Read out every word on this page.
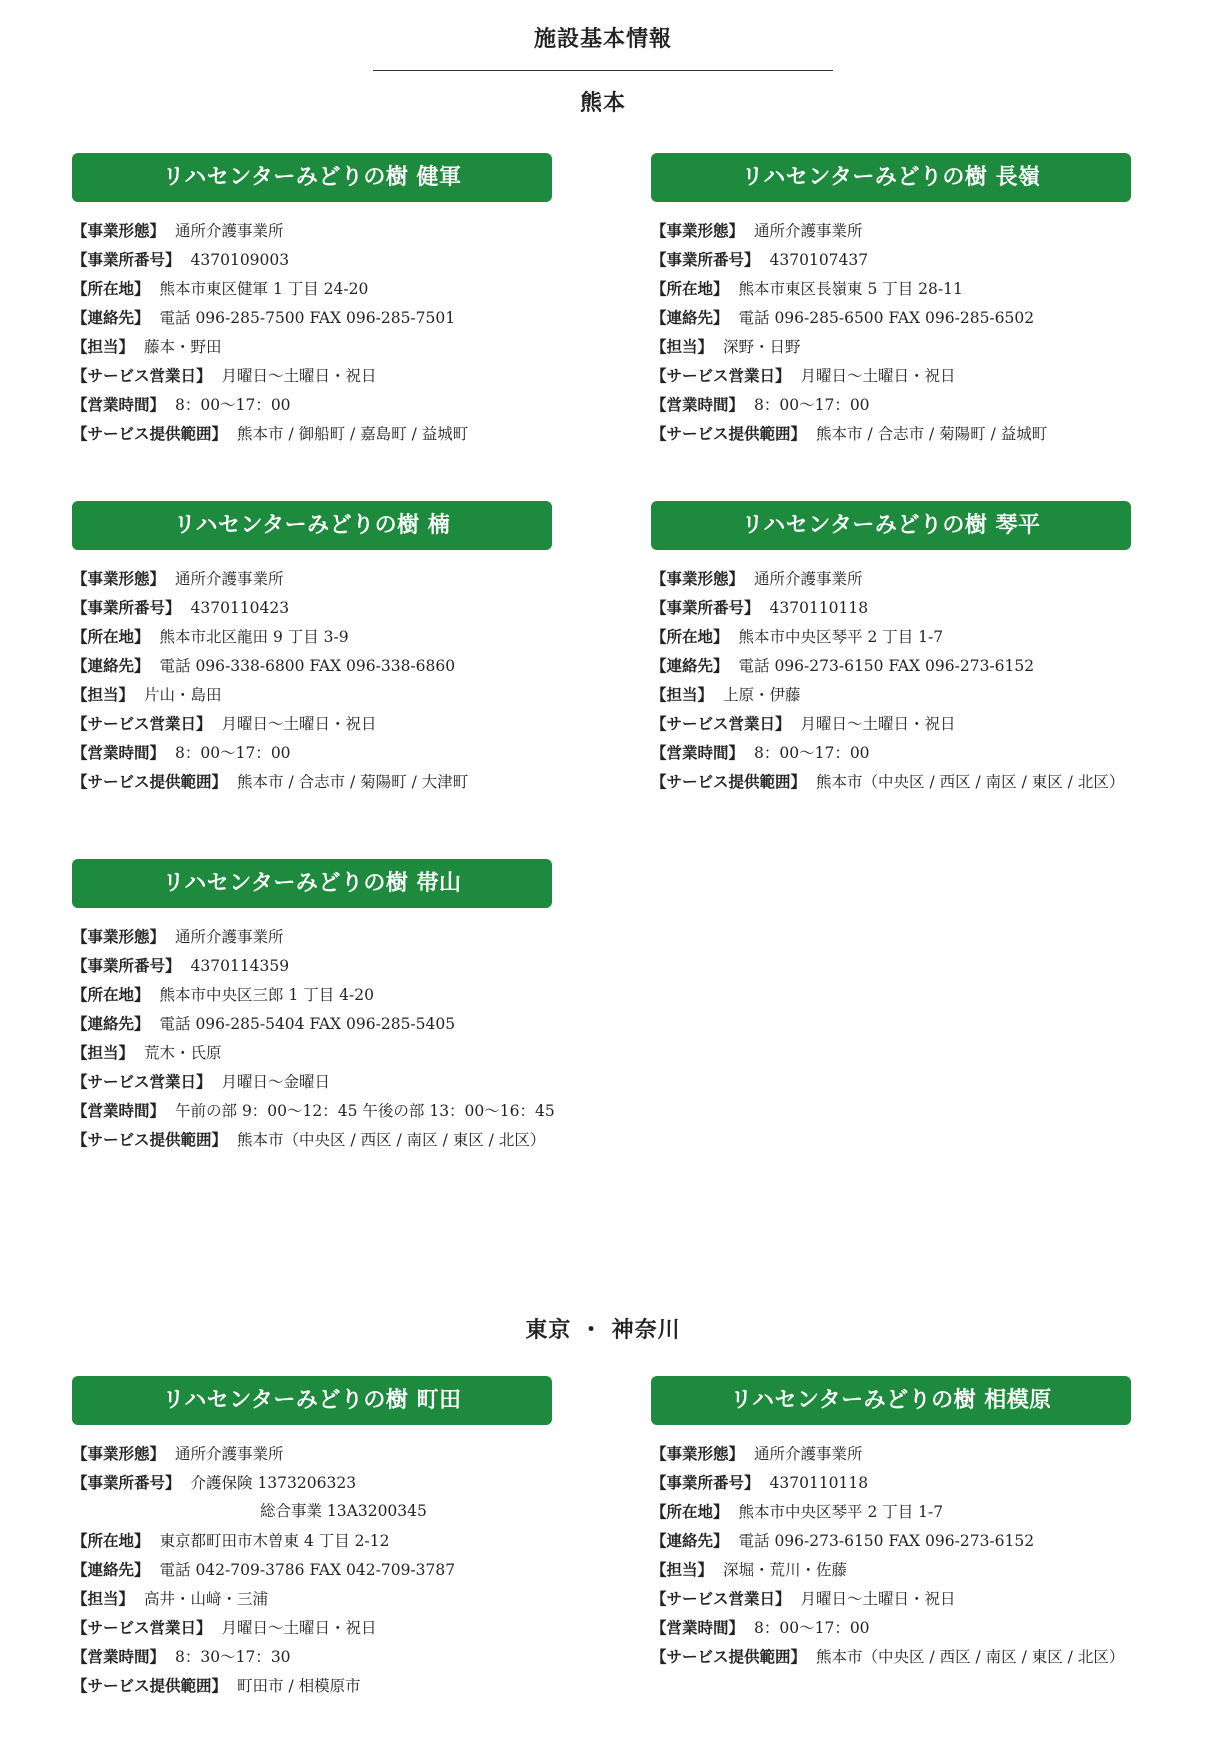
施設基本情報
熊本
リハセンターみどりの樹 健軍
【事業形態】 通所介護事業所
【事業所番号】 4370109003
【所在地】 熊本市東区健軍 1 丁目 24-20
【連絡先】 電話 096-285-7500 FAX 096-285-7501
【担当】 藤本・野田
【サービス営業日】 月曜日～土曜日・祝日
【営業時間】 8：00～17：00
【サービス提供範囲】 熊本市 / 御船町 / 嘉島町 / 益城町
リハセンターみどりの樹 長嶺
【事業形態】 通所介護事業所
【事業所番号】 4370107437
【所在地】 熊本市東区長嶺東 5 丁目 28-11
【連絡先】 電話 096-285-6500 FAX 096-285-6502
【担当】 深野・日野
【サービス営業日】 月曜日～土曜日・祝日
【営業時間】 8：00～17：00
【サービス提供範囲】 熊本市 / 合志市 / 菊陽町 / 益城町
リハセンターみどりの樹 楠
【事業形態】 通所介護事業所
【事業所番号】 4370110423
【所在地】 熊本市北区龍田 9 丁目 3-9
【連絡先】 電話 096-338-6800 FAX 096-338-6860
【担当】 片山・島田
【サービス営業日】 月曜日～土曜日・祝日
【営業時間】 8：00～17：00
【サービス提供範囲】 熊本市 / 合志市 / 菊陽町 / 大津町
リハセンターみどりの樹 琴平
【事業形態】 通所介護事業所
【事業所番号】 4370110118
【所在地】 熊本市中央区琴平 2 丁目 1-7
【連絡先】 電話 096-273-6150 FAX 096-273-6152
【担当】 上原・伊藤
【サービス営業日】 月曜日～土曜日・祝日
【営業時間】 8：00～17：00
【サービス提供範囲】 熊本市（中央区 / 西区 / 南区 / 東区 / 北区）
リハセンターみどりの樹 帯山
【事業形態】 通所介護事業所
【事業所番号】 4370114359
【所在地】 熊本市中央区三郎 1 丁目 4-20
【連絡先】 電話 096-285-5404 FAX 096-285-5405
【担当】 荒木・氏原
【サービス営業日】 月曜日～金曜日
【営業時間】 午前の部 9：00～12：45 午後の部 13：00～16：45
【サービス提供範囲】 熊本市（中央区 / 西区 / 南区 / 東区 / 北区）
東京 ・ 神奈川
リハセンターみどりの樹 町田
【事業形態】 通所介護事業所
【事業所番号】 介護保険 1373206323
総合事業 13A3200345
【所在地】 東京都町田市木曽東 4 丁目 2-12
【連絡先】 電話 042-709-3786 FAX 042-709-3787
【担当】 高井・山﨑・三浦
【サービス営業日】 月曜日～土曜日・祝日
【営業時間】 8：30～17：30
【サービス提供範囲】 町田市 / 相模原市
リハセンターみどりの樹 相模原
【事業形態】 通所介護事業所
【事業所番号】 4370110118
【所在地】 熊本市中央区琴平 2 丁目 1-7
【連絡先】 電話 096-273-6150 FAX 096-273-6152
【担当】 深堀・荒川・佐藤
【サービス営業日】 月曜日～土曜日・祝日
【営業時間】 8：00～17：00
【サービス提供範囲】 熊本市（中央区 / 西区 / 南区 / 東区 / 北区）
